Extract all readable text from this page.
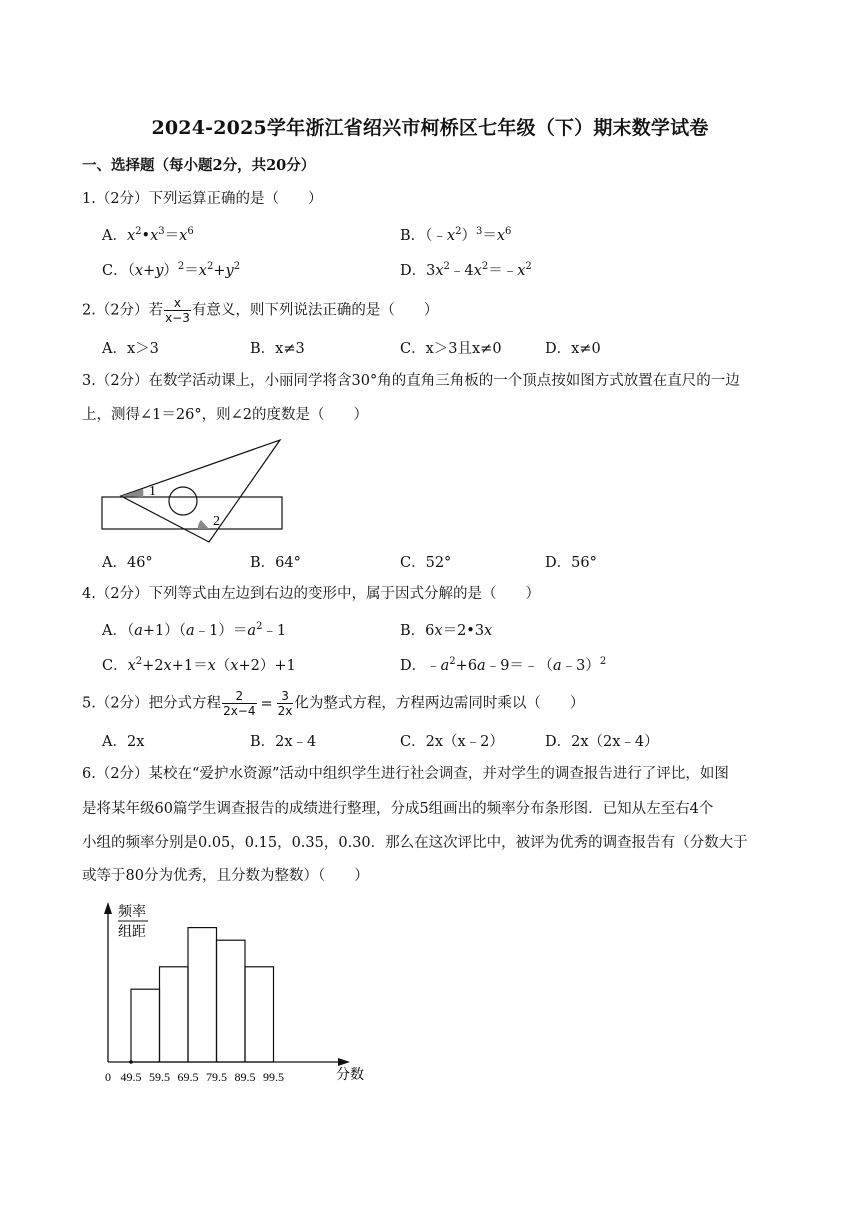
2024-2025学年浙江省绍兴市柯桥区七年级（下）期末数学试卷
一、选择题（每小题2分，共20分）
1.（2分）下列运算正确的是（　　）
A．$x^2•x^3=x^6$	B．$(﹣x^2)^3=x^6$
C．$(x+y)^2=x^2+y^2$	D．$3x^2﹣4x^2=﹣x^2$
2.（2分）若 $\frac{x}{x-3}$ 有意义，则下列说法正确的是（　　）
A．x＞3	B．x≠3	C．x＞3且x≠0	D．x≠0
3.（2分）在数学活动课上，小丽同学将含30°角的直角三角板的一个顶点按如图方式放置在直尺的一边
上，测得∠1＝26°，则∠2的度数是（　　）
1
2
A．46°	B．64°	C．52°	D．56°
4.（2分）下列等式由左边到右边的变形中，属于因式分解的是（　　）
A．$(a+1)(a﹣1)=a^2﹣1$	B．6x＝2•3x
C．$x^2+2x+1=x(x+2)+1$	D．$﹣a^2+6a﹣9=﹣(a﹣3)^2$
5.（2分）把分式方程 $\frac{2}{2x-4} = \frac{3}{2x}$ 化为整式方程，方程两边需同时乘以（　　）
A．2x	B．2x﹣4	C．2x（x﹣2）	D．2x（2x﹣4）
6.（2分）某校在“爱护水资源”活动中组织学生进行社会调查，并对学生的调查报告进行了评比，如图
是将某年级60篇学生调查报告的成绩进行整理，分成5组画出的频率分布条形图．已知从左至右4个
小组的频率分别是0.05，0.15，0.35，0.30．那么在这次评比中，被评为优秀的调查报告有（分数大于
或等于80分为优秀，且分数为整数）（　　）
频率
组距
分数
0 49.5 59.5 69.5 79.5 89.5 99.5
